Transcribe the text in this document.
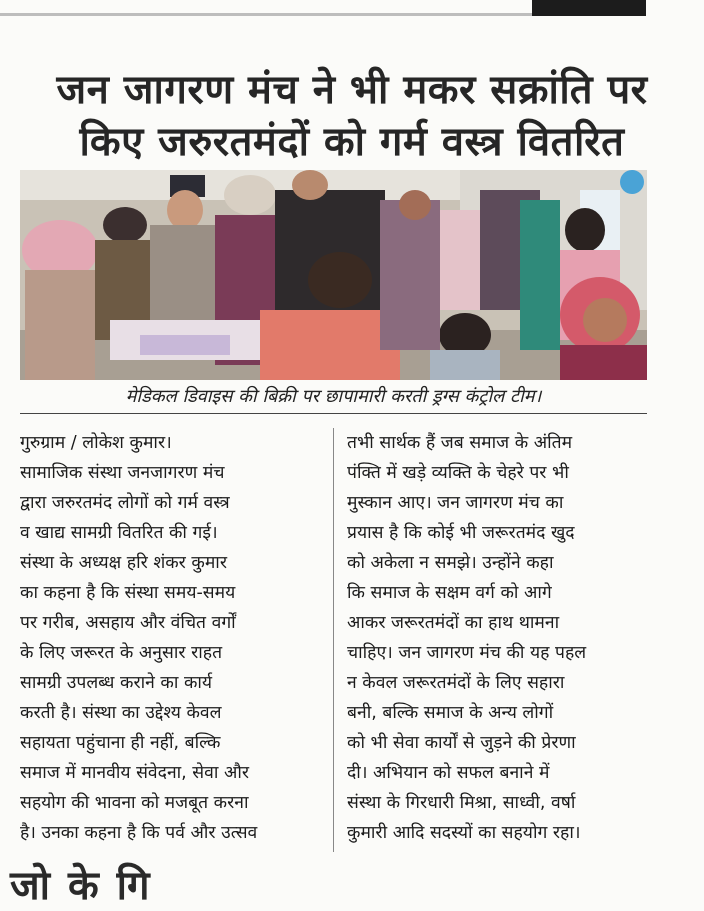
जन जागरण मंच ने भी मकर सक्रांति पर
किए जरुरतमंदों को गर्म वस्त्र वितरित
मेडिकल डिवाइस की बिक्री पर छापामारी करती ड्रग्स कंट्रोल टीम।
गुरुग्राम / लोकेश कुमार।
सामाजिक संस्था जनजागरण मंच
द्वारा जरुरतमंद लोगों को गर्म वस्त्र
व खाद्य सामग्री वितरित की गई।
संस्था के अध्यक्ष हरि शंकर कुमार
का कहना है कि संस्था समय-समय
पर गरीब, असहाय और वंचित वर्गों
के लिए जरूरत के अनुसार राहत
सामग्री उपलब्ध कराने का कार्य
करती है। संस्था का उद्देश्य केवल
सहायता पहुंचाना ही नहीं, बल्कि
समाज में मानवीय संवेदना, सेवा और
सहयोग की भावना को मजबूत करना
है। उनका कहना है कि पर्व और उत्सव
तभी सार्थक हैं जब समाज के अंतिम
पंक्ति में खड़े व्यक्ति के चेहरे पर भी
मुस्कान आए। जन जागरण मंच का
प्रयास है कि कोई भी जरूरतमंद खुद
को अकेला न समझे। उन्होंने कहा
कि समाज के सक्षम वर्ग को आगे
आकर जरूरतमंदों का हाथ थामना
चाहिए। जन जागरण मंच की यह पहल
न केवल जरूरतमंदों के लिए सहारा
बनी, बल्कि समाज के अन्य लोगों
को भी सेवा कार्यों से जुड़ने की प्रेरणा
दी। अभियान को सफल बनाने में
संस्था के गिरधारी मिश्रा, साध्वी, वर्षा
कुमारी आदि सदस्यों का सहयोग रहा।
जो के गि
